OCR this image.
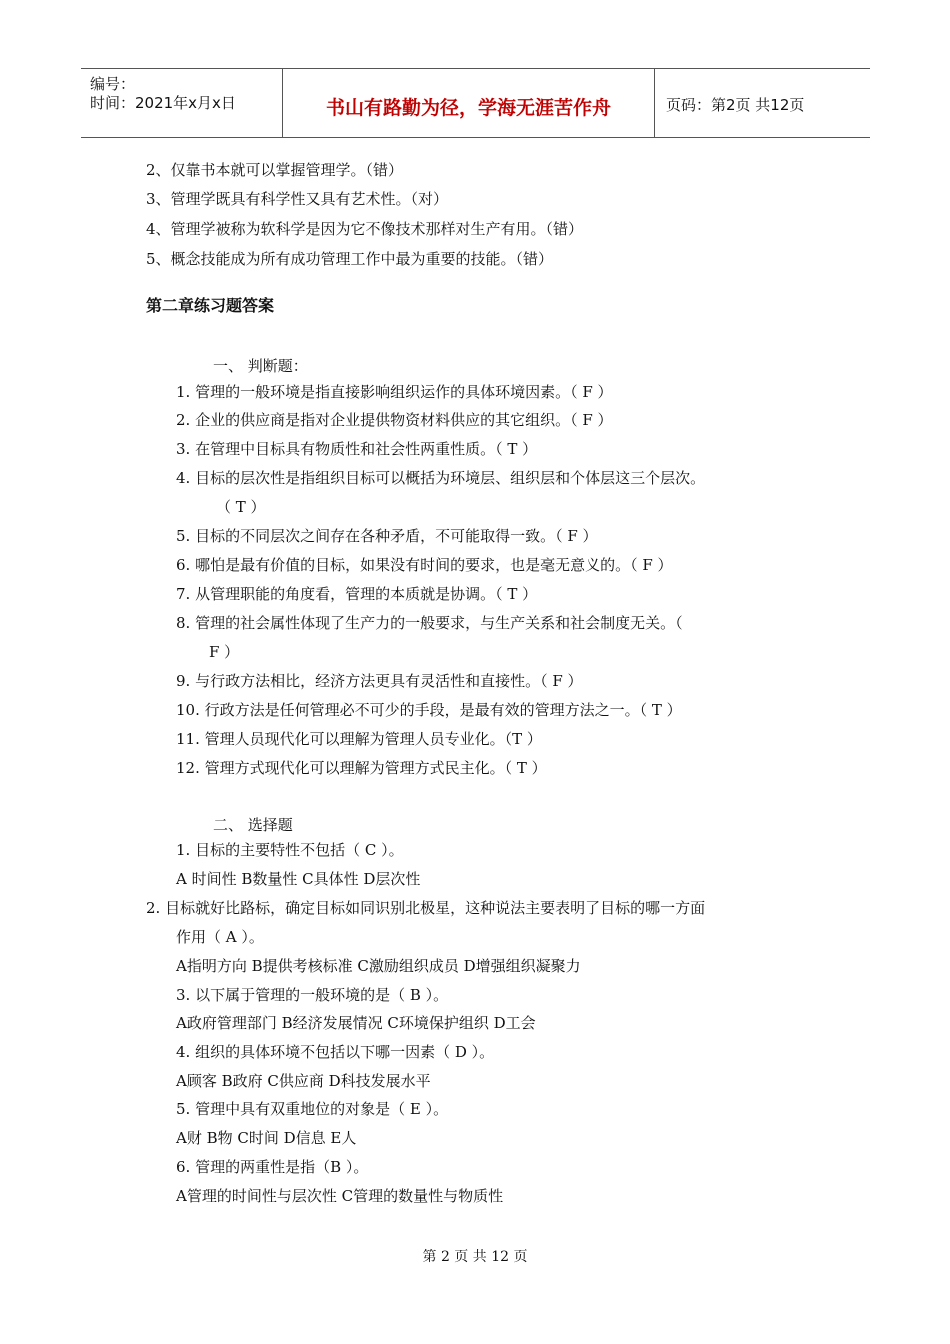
编号：
时间：2021年x月x日	书山有路勤为径，学海无涯苦作舟	页码：第2页 共12页
2、仅靠书本就可以掌握管理学。（错）
3、管理学既具有科学性又具有艺术性。（对）
4、管理学被称为软科学是因为它不像技术那样对生产有用。（错）
5、概念技能成为所有成功管理工作中最为重要的技能。（错）
第二章练习题答案
一、 判断题：
1. 管理的一般环境是指直接影响组织运作的具体环境因素。（ F ）
2. 企业的供应商是指对企业提供物资材料供应的其它组织。（ F ）
3. 在管理中目标具有物质性和社会性两重性质。（ T ）
4. 目标的层次性是指组织目标可以概括为环境层、组织层和个体层这三个层次。
（ T ）
5. 目标的不同层次之间存在各种矛盾，不可能取得一致。（ F ）
6. 哪怕是最有价值的目标，如果没有时间的要求，也是毫无意义的。（ F ）
7. 从管理职能的角度看，管理的本质就是协调。（ T ）
8. 管理的社会属性体现了生产力的一般要求，与生产关系和社会制度无关。（
F ）
9. 与行政方法相比，经济方法更具有灵活性和直接性。（ F ）
10. 行政方法是任何管理必不可少的手段，是最有效的管理方法之一。（ T ）
11. 管理人员现代化可以理解为管理人员专业化。（T ）
12. 管理方式现代化可以理解为管理方式民主化。（ T ）
二、 选择题
1. 目标的主要特性不包括（ C ）。
A 时间性 B数量性 C具体性 D层次性
2. 目标就好比路标，确定目标如同识别北极星，这种说法主要表明了目标的哪一方面
作用（ A ）。
A指明方向 B提供考核标准 C激励组织成员 D增强组织凝聚力
3. 以下属于管理的一般环境的是（ B ）。
A政府管理部门 B经济发展情况 C环境保护组织 D工会
4. 组织的具体环境不包括以下哪一因素（ D ）。
A顾客 B政府 C供应商 D科技发展水平
5. 管理中具有双重地位的对象是（ E ）。
A财 B物 C时间 D信息 E人
6. 管理的两重性是指（B ）。
A管理的时间性与层次性 C管理的数量性与物质性
第 2 页 共 12 页
